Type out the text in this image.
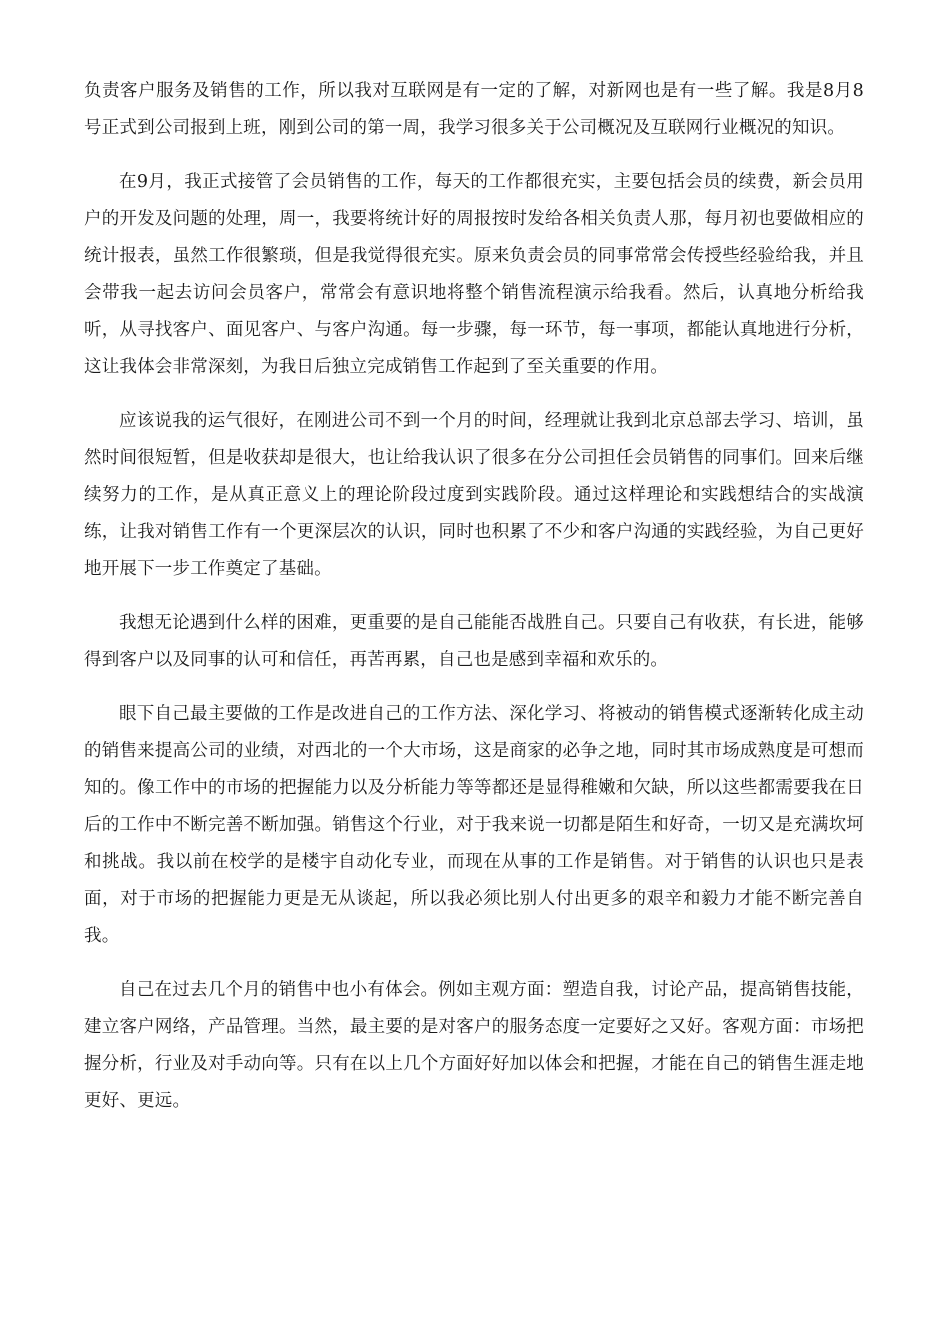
负责客户服务及销售的工作，所以我对互联网是有一定的了解，对新网也是有一些了解。我是8月8号正式到公司报到上班，刚到公司的第一周，我学习很多关于公司概况及互联网行业概况的知识。

在9月，我正式接管了会员销售的工作，每天的工作都很充实，主要包括会员的续费，新会员用户的开发及问题的处理，周一，我要将统计好的周报按时发给各相关负责人那，每月初也要做相应的统计报表，虽然工作很繁琐，但是我觉得很充实。原来负责会员的同事常常会传授些经验给我，并且会带我一起去访问会员客户，常常会有意识地将整个销售流程演示给我看。然后，认真地分析给我听，从寻找客户、面见客户、与客户沟通。每一步骤，每一环节，每一事项，都能认真地进行分析，这让我体会非常深刻，为我日后独立完成销售工作起到了至关重要的作用。

应该说我的运气很好，在刚进公司不到一个月的时间，经理就让我到北京总部去学习、培训，虽然时间很短暂，但是收获却是很大，也让给我认识了很多在分公司担任会员销售的同事们。回来后继续努力的工作，是从真正意义上的理论阶段过度到实践阶段。通过这样理论和实践想结合的实战演练，让我对销售工作有一个更深层次的认识，同时也积累了不少和客户沟通的实践经验，为自己更好地开展下一步工作奠定了基础。

我想无论遇到什么样的困难，更重要的是自己能能否战胜自己。只要自己有收获，有长进，能够得到客户以及同事的认可和信任，再苦再累，自己也是感到幸福和欢乐的。

眼下自己最主要做的工作是改进自己的工作方法、深化学习、将被动的销售模式逐渐转化成主动的销售来提高公司的业绩，对西北的一个大市场，这是商家的必争之地，同时其市场成熟度是可想而知的。像工作中的市场的把握能力以及分析能力等等都还是显得稚嫩和欠缺，所以这些都需要我在日后的工作中不断完善不断加强。销售这个行业，对于我来说一切都是陌生和好奇，一切又是充满坎坷和挑战。我以前在校学的是楼宇自动化专业，而现在从事的工作是销售。对于销售的认识也只是表面，对于市场的把握能力更是无从谈起，所以我必须比别人付出更多的艰辛和毅力才能不断完善自我。

自己在过去几个月的销售中也小有体会。例如主观方面：塑造自我，讨论产品，提高销售技能，建立客户网络，产品管理。当然，最主要的是对客户的服务态度一定要好之又好。客观方面：市场把握分析，行业及对手动向等。只有在以上几个方面好好加以体会和把握，才能在自己的销售生涯走地更好、更远。
